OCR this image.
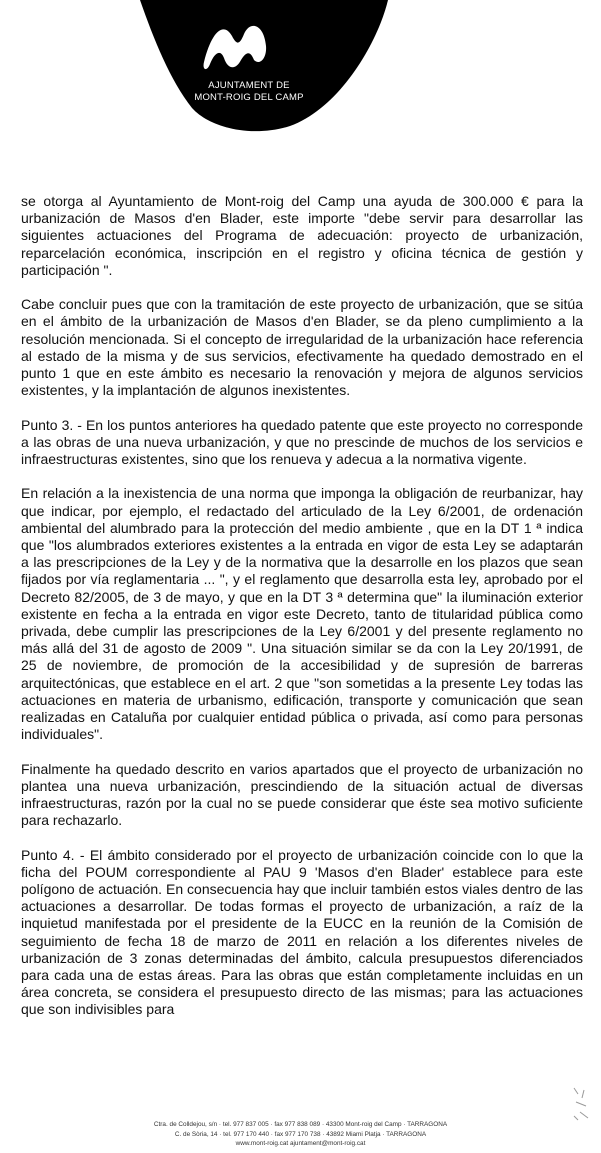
AJUNTAMENT DE
MONT-ROIG DEL CAMP

se otorga al Ayuntamiento de Mont-roig del Camp una ayuda de 300.000 € para la urbanización de Masos d'en Blader, este importe "debe servir para desarrollar las siguientes actuaciones del Programa de adecuación: proyecto de urbanización, reparcelación económica, inscripción en el registro y oficina técnica de gestión y participación ".

Cabe concluir pues que con la tramitación de este proyecto de urbanización, que se sitúa en el ámbito de la urbanización de Masos d'en Blader, se da pleno cumplimiento a la resolución mencionada. Si el concepto de irregularidad de la urbanización hace referencia al estado de la misma y de sus servicios, efectivamente ha quedado demostrado en el punto 1 que en este ámbito es necesario la renovación y mejora de algunos servicios existentes, y la implantación de algunos inexistentes.

Punto 3. - En los puntos anteriores ha quedado patente que este proyecto no corresponde a las obras de una nueva urbanización, y que no prescinde de muchos de los servicios e infraestructuras existentes, sino que los renueva y adecua a la normativa vigente.

En relación a la inexistencia de una norma que imponga la obligación de reurbanizar, hay que indicar, por ejemplo, el redactado del articulado de la Ley 6/2001, de ordenación ambiental del alumbrado para la protección del medio ambiente , que en la DT 1 ª indica que "los alumbrados exteriores existentes a la entrada en vigor de esta Ley se adaptarán a las prescripciones de la Ley y de la normativa que la desarrolle en los plazos que sean fijados por vía reglamentaria ... ", y el reglamento que desarrolla esta ley, aprobado por el Decreto 82/2005, de 3 de mayo, y que en la DT 3 ª determina que" la iluminación exterior existente en fecha a la entrada en vigor este Decreto, tanto de titularidad pública como privada, debe cumplir las prescripciones de la Ley 6/2001 y del presente reglamento no más allá del 31 de agosto de 2009 ". Una situación similar se da con la Ley 20/1991, de 25 de noviembre, de promoción de la accesibilidad y de supresión de barreras arquitectónicas, que establece en el art. 2 que "son sometidas a la presente Ley todas las actuaciones en materia de urbanismo, edificación, transporte y comunicación que sean realizadas en Cataluña por cualquier entidad pública o privada, así como para personas individuales".

Finalmente ha quedado descrito en varios apartados que el proyecto de urbanización no plantea una nueva urbanización, prescindiendo de la situación actual de diversas infraestructuras, razón por la cual no se puede considerar que éste sea motivo suficiente para rechazarlo.

Punto 4. - El ámbito considerado por el proyecto de urbanización coincide con lo que la ficha del POUM correspondiente al PAU 9 'Masos d'en Blader' establece para este polígono de actuación. En consecuencia hay que incluir también estos viales dentro de las actuaciones a desarrollar. De todas formas el proyecto de urbanización, a raíz de la inquietud manifestada por el presidente de la EUCC en la reunión de la Comisión de seguimiento de fecha 18 de marzo de 2011 en relación a los diferentes niveles de urbanización de 3 zonas determinadas del ámbito, calcula presupuestos diferenciados para cada una de estas áreas. Para las obras que están completamente incluidas en un área concreta, se considera el presupuesto directo de las mismas; para las actuaciones que son indivisibles para

Ctra. de Colldejou, s/n · tel. 977 837 005 · fax 977 838 089 · 43300 Mont-roig del Camp · TARRAGONA
C. de Sòria, 14 · tel. 977 170 440 · fax 977 170 738 · 43892 Miami Platja · TARRAGONA
www.mont-roig.cat ajuntament@mont-roig.cat
